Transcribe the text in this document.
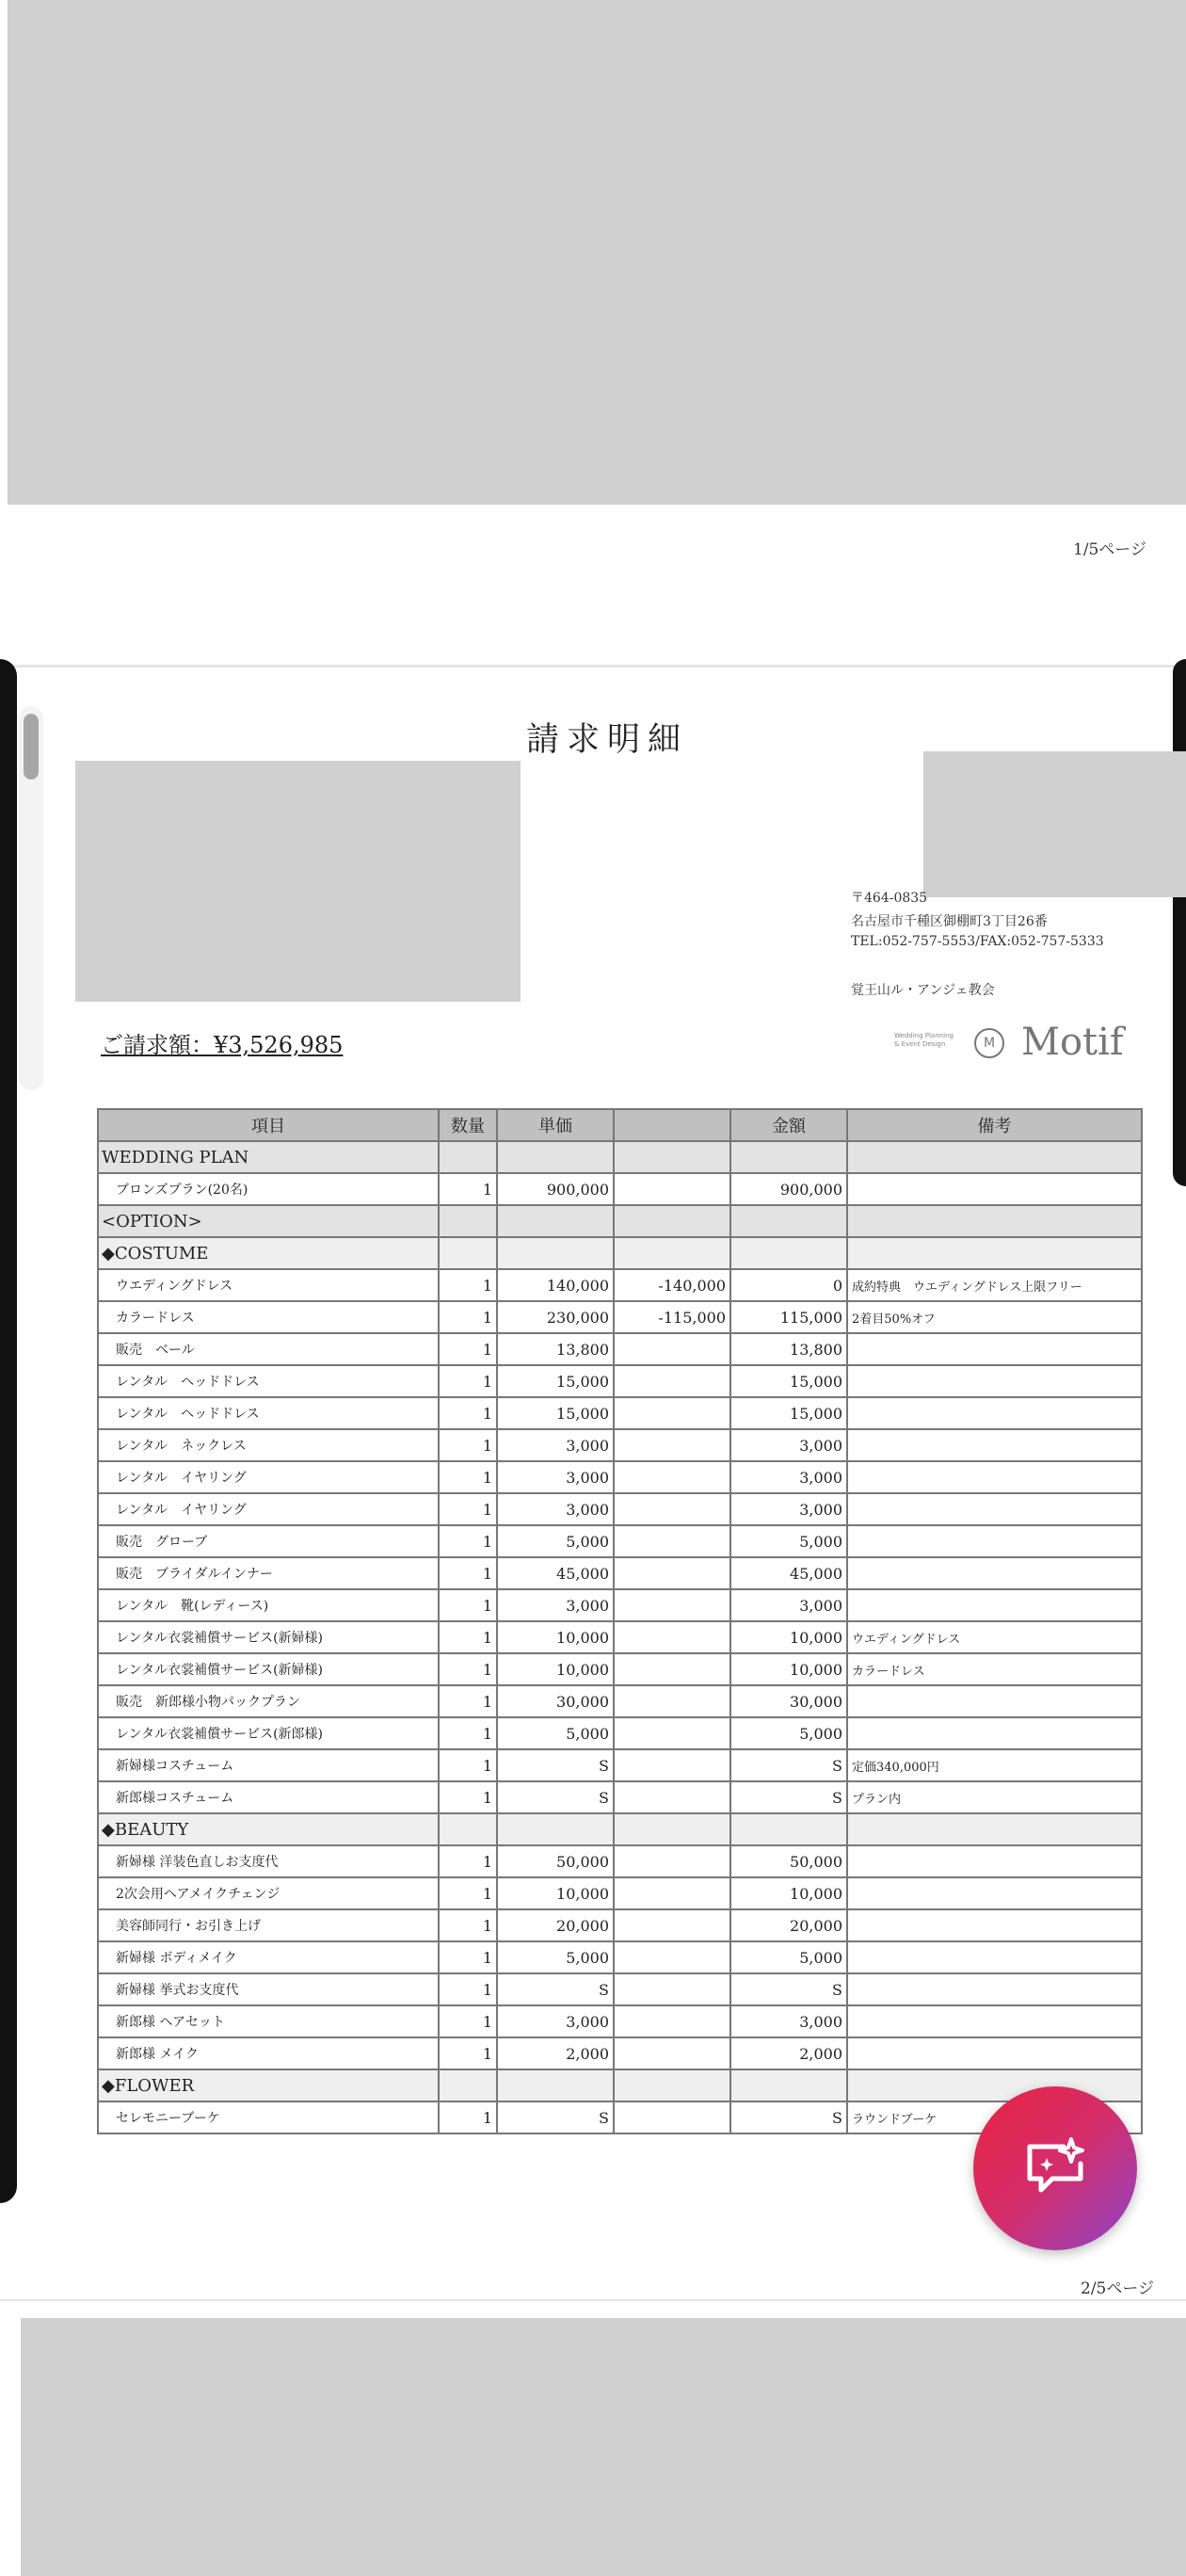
1/5ページ
請求明細
〒464-0835
名古屋市千種区御棚町3丁目26番
TEL:052-757-5553/FAX:052-757-5333
覚王山ル・アンジェ教会
ご請求額：¥3,526,985	Wedding Planning
& Event Design	M Motif
項目	数量	単価		金額	備考
WEDDING PLAN					
ブロンズプラン(20名)	1	900,000		900,000	
<OPTION>					
◆COSTUME					
ウエディングドレス	1	140,000	-140,000	0	成約特典　ウエディングドレス上限フリー
カラードレス	1	230,000	-115,000	115,000	2着目50%オフ
販売　ベール	1	13,800		13,800	
レンタル　ヘッドドレス	1	15,000		15,000	
レンタル　ヘッドドレス	1	15,000		15,000	
レンタル　ネックレス	1	3,000		3,000	
レンタル　イヤリング	1	3,000		3,000	
レンタル　イヤリング	1	3,000		3,000	
販売　グローブ	1	5,000		5,000	
販売　ブライダルインナー	1	45,000		45,000	
レンタル　靴(レディース)	1	3,000		3,000	
レンタル衣裳補償サービス(新婦様)	1	10,000		10,000	ウエディングドレス
レンタル衣裳補償サービス(新婦様)	1	10,000		10,000	カラードレス
販売　新郎様小物パックプラン	1	30,000		30,000	
レンタル衣裳補償サービス(新郎様)	1	5,000		5,000	
新婦様コスチューム	1	S		S	定価340,000円
新郎様コスチューム	1	S		S	プラン内
◆BEAUTY					
新婦様 洋装色直しお支度代	1	50,000		50,000	
2次会用ヘアメイクチェンジ	1	10,000		10,000	
美容師同行・お引き上げ	1	20,000		20,000	
新婦様 ボディメイク	1	5,000		5,000	
新婦様 挙式お支度代	1	S		S	
新郎様 ヘアセット	1	3,000		3,000	
新郎様 メイク	1	2,000		2,000	
◆FLOWER					
セレモニーブーケ	1	S		S	ラウンドブーケ
2/5ページ
